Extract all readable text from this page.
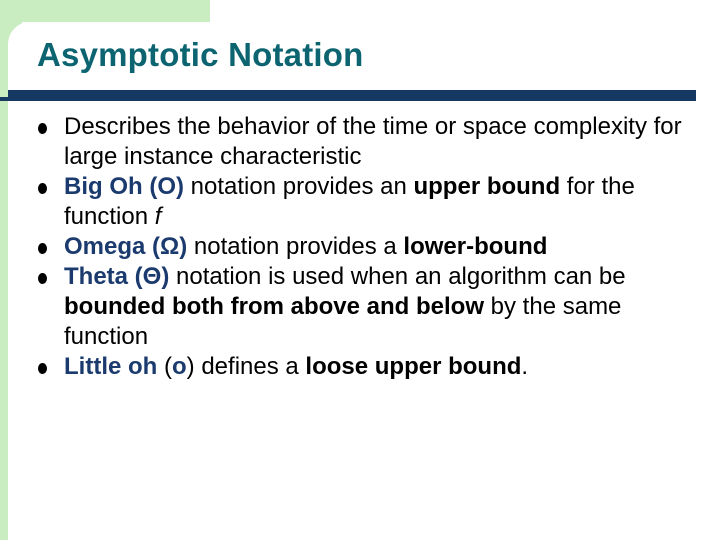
Asymptotic Notation
Describes the behavior of the time or space complexity for large instance characteristic
Big Oh (O) notation provides an upper bound for the function f
Omega (Ω) notation provides a lower-bound
Theta (Θ) notation is used when an algorithm can be bounded both from above and below by the same function
Little oh (o) defines a loose upper bound.
